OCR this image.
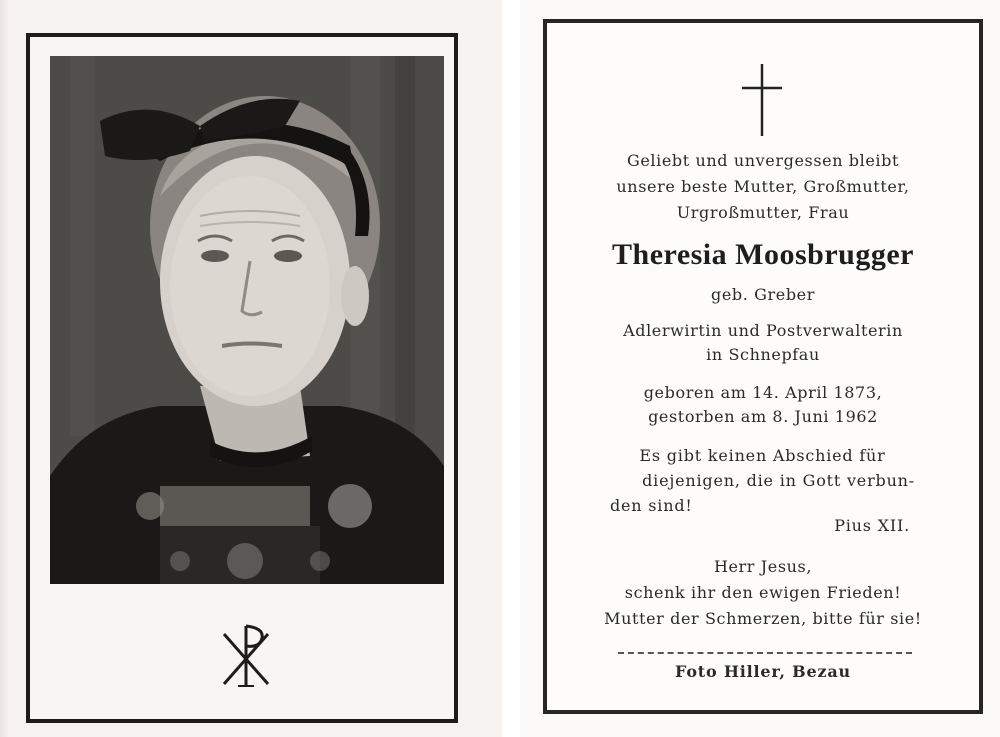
Geliebt und unvergessen bleibt
unsere beste Mutter, Großmutter,
Urgroßmutter, Frau
Theresia Moosbrugger
geb. Greber
Adlerwirtin und Postverwalterin
in Schnepfau
geboren am 14. April 1873,
gestorben am 8. Juni 1962
Es gibt keinen Abschied für
diejenigen, die in Gott verbun-
den sind!
Pius XII.
Herr Jesus,
schenk ihr den ewigen Frieden!
Mutter der Schmerzen, bitte für sie!
Foto Hiller, Bezau
